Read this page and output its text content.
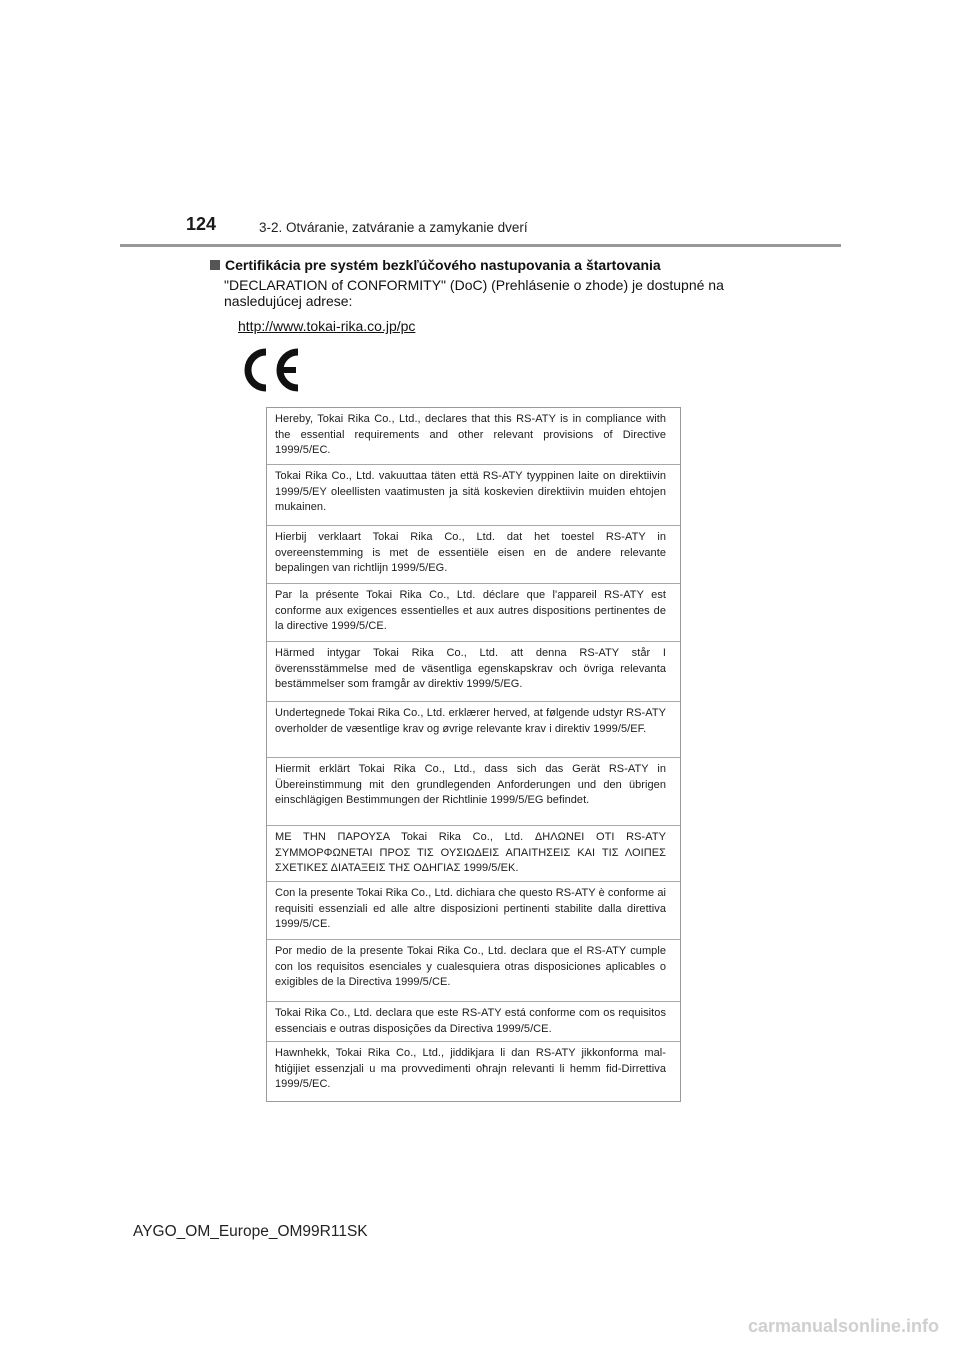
124	3-2. Otváranie, zatváranie a zamykanie dverí
Certifikácia pre systém bezkľúčového nastupovania a štartovania
"DECLARATION of CONFORMITY" (DoC) (Prehlásenie o zhode) je dostupné na nasledujúcej adrese:
http://www.tokai-rika.co.jp/pc
Hereby, Tokai Rika Co., Ltd., declares that this RS-ATY is in compliance with the essential requirements and other relevant provisions of Directive 1999/5/EC.
Tokai Rika Co., Ltd. vakuuttaa täten että RS-ATY tyyppinen laite on direktiivin 1999/5/EY oleellisten vaatimusten ja sitä koskevien direktiivin muiden ehtojen mukainen.
Hierbij verklaart Tokai Rika Co., Ltd. dat het toestel RS-ATY in overeenstemming is met de essentiële eisen en de andere relevante bepalingen van richtlijn 1999/5/EG.
Par la présente Tokai Rika Co., Ltd. déclare que l'appareil RS-ATY est conforme aux exigences essentielles et aux autres dispositions pertinentes de la directive 1999/5/CE.
Härmed intygar Tokai Rika Co., Ltd. att denna RS-ATY står I överensstämmelse med de väsentliga egenskapskrav och övriga relevanta bestämmelser som framgår av direktiv 1999/5/EG.
Undertegnede Tokai Rika Co., Ltd. erklærer herved, at følgende udstyr RS-ATY overholder de væsentlige krav og øvrige relevante krav i direktiv 1999/5/EF.
Hiermit erklärt Tokai Rika Co., Ltd., dass sich das Gerät RS-ATY in Übereinstimmung mit den grundlegenden Anforderungen und den übrigen einschlägigen Bestimmungen der Richtlinie 1999/5/EG befindet.
ΜΕ ΤΗΝ ΠΑΡΟΥΣΑ Tokai Rika Co., Ltd. ΔΗΛΩΝΕΙ ΟΤΙ RS-ATY ΣΥΜΜΟΡΦΩΝΕΤΑΙ ΠΡΟΣ ΤΙΣ ΟΥΣΙΩΔΕΙΣ ΑΠΑΙΤΗΣΕΙΣ ΚΑΙ ΤΙΣ ΛΟΙΠΕΣ ΣΧΕΤΙΚΕΣ ΔΙΑΤΑΞΕΙΣ ΤΗΣ ΟΔΗΓΙΑΣ 1999/5/ΕΚ.
Con la presente Tokai Rika Co., Ltd. dichiara che questo RS-ATY è conforme ai requisiti essenziali ed alle altre disposizioni pertinenti stabilite dalla direttiva 1999/5/CE.
Por medio de la presente Tokai Rika Co., Ltd. declara que el RS-ATY cumple con los requisitos esenciales y cualesquiera otras disposiciones aplicables o exigibles de la Directiva 1999/5/CE.
Tokai Rika Co., Ltd. declara que este RS-ATY está conforme com os requisitos essenciais e outras disposições da Directiva 1999/5/CE.
Hawnhekk, Tokai Rika Co., Ltd., jiddikjara li dan RS-ATY jikkonforma mal-ħtiġijiet essenzjali u ma provvedimenti oħrajn relevanti li hemm fid-Dirrettiva 1999/5/EC.
AYGO_OM_Europe_OM99R11SK
carmanualsonline.info
